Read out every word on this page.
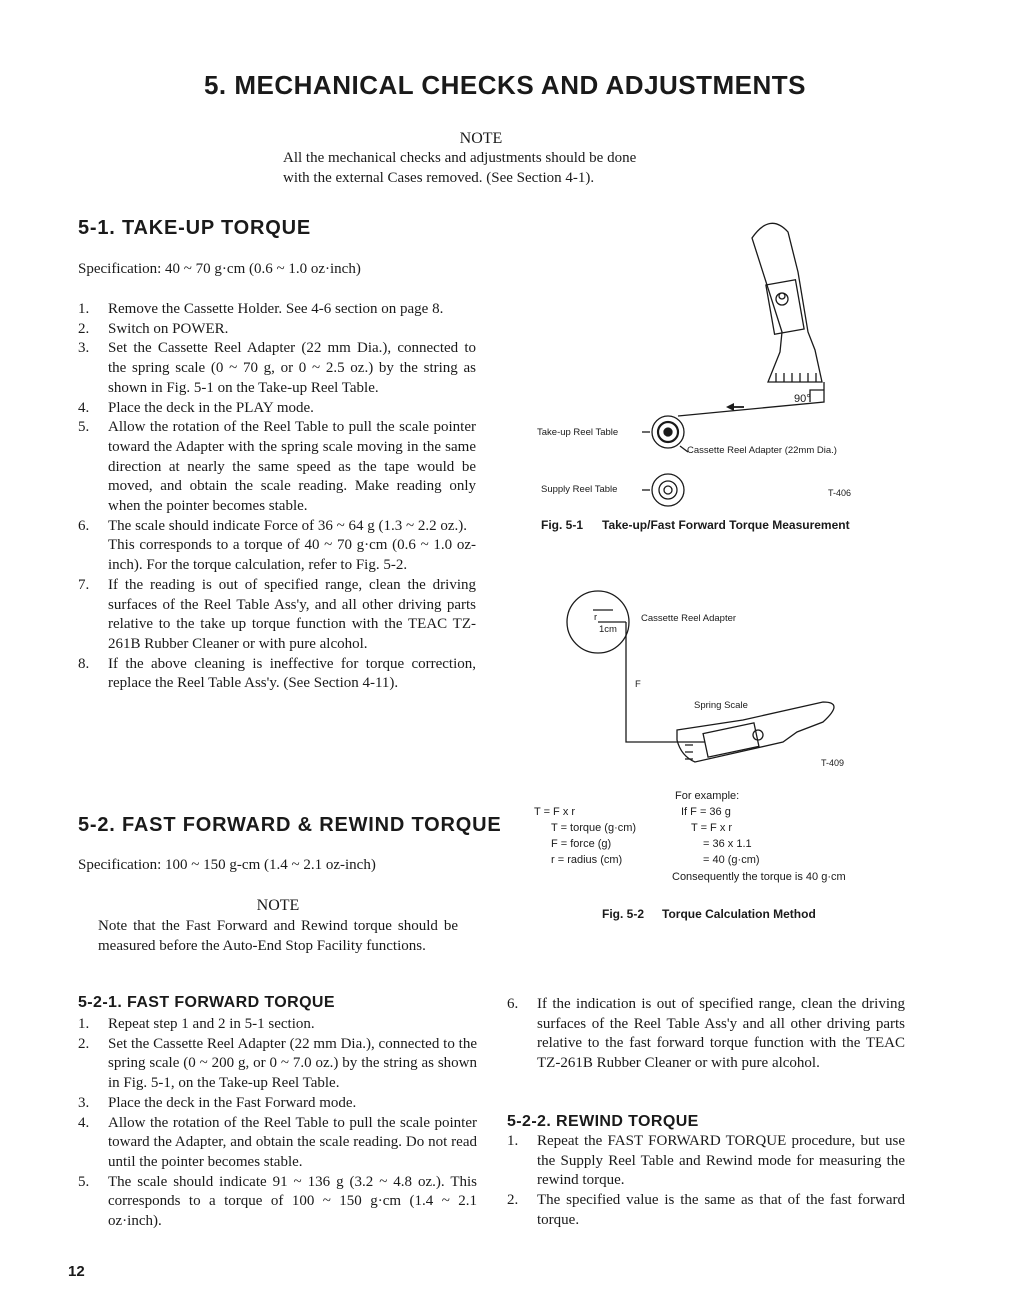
5. MECHANICAL CHECKS AND ADJUSTMENTS
NOTE
All the mechanical checks and adjustments should be done
with the external Cases removed. (See Section 4-1).
5-1. TAKE-UP TORQUE
Specification: 40 ~ 70 g·cm (0.6 ~ 1.0 oz·inch)
1. Remove the Cassette Holder. See 4-6 section on page 8.
2. Switch on POWER.
3. Set the Cassette Reel Adapter (22 mm Dia.), connected to the spring scale (0 ~ 70 g, or 0 ~ 2.5 oz.) by the string as shown in Fig. 5-1 on the Take-up Reel Table.
4. Place the deck in the PLAY mode.
5. Allow the rotation of the Reel Table to pull the scale pointer toward the Adapter with the spring scale moving in the same direction at nearly the same speed as the tape would be moved, and obtain the scale reading. Make reading only when the pointer becomes stable.
6. The scale should indicate Force of 36 ~ 64 g (1.3 ~ 2.2 oz.).
This corresponds to a torque of 40 ~ 70 g·cm (0.6 ~ 1.0 oz-inch). For the torque calculation, refer to Fig. 5-2.
7. If the reading is out of specified range, clean the driving surfaces of the Reel Table Ass'y, and all other driving parts relative to the take up torque function with the TEAC TZ-261B Rubber Cleaner or with pure alcohol.
8. If the above cleaning is ineffective for torque correction, replace the Reel Table Ass'y. (See Section 4-11).
5-2. FAST FORWARD & REWIND TORQUE
Specification: 100 ~ 150 g-cm (1.4 ~ 2.1 oz-inch)
NOTE
Note that the Fast Forward and Rewind torque should be measured before the Auto-End Stop Facility functions.
5-2-1. FAST FORWARD TORQUE
1. Repeat step 1 and 2 in 5-1 section.
2. Set the Cassette Reel Adapter (22 mm Dia.), connected to the spring scale (0 ~ 200 g, or 0 ~ 7.0 oz.) by the string as shown in Fig. 5-1, on the Take-up Reel Table.
3. Place the deck in the Fast Forward mode.
4. Allow the rotation of the Reel Table to pull the scale pointer toward the Adapter, and obtain the scale reading. Do not read until the pointer becomes stable.
5. The scale should indicate 91 ~ 136 g (3.2 ~ 4.8 oz.). This corresponds to a torque of 100 ~ 150 g·cm (1.4 ~ 2.1 oz·inch).
6. If the indication is out of specified range, clean the driving surfaces of the Reel Table Ass'y and all other driving parts relative to the fast forward torque function with the TEAC TZ-261B Rubber Cleaner or with pure alcohol.
5-2-2. REWIND TORQUE
1. Repeat the FAST FORWARD TORQUE procedure, but use the Supply Reel Table and Rewind mode for measuring the rewind torque.
2. The specified value is the same as that of the fast forward torque.
90°
Take-up Reel Table
Cassette Reel Adapter (22mm Dia.)
Supply Reel Table	T-406
Fig. 5-1 Take-up/Fast Forward Torque Measurement
r
1cm
Cassette Reel Adapter
F
Spring Scale
T-409
T = F x r
T = torque (g·cm)
F = force (g)
r = radius (cm)
For example:
If F = 36 g
T = F x r
= 36 x 1.1
= 40 (g·cm)
Consequently the torque is 40 g·cm
Fig. 5-2 Torque Calculation Method
12
